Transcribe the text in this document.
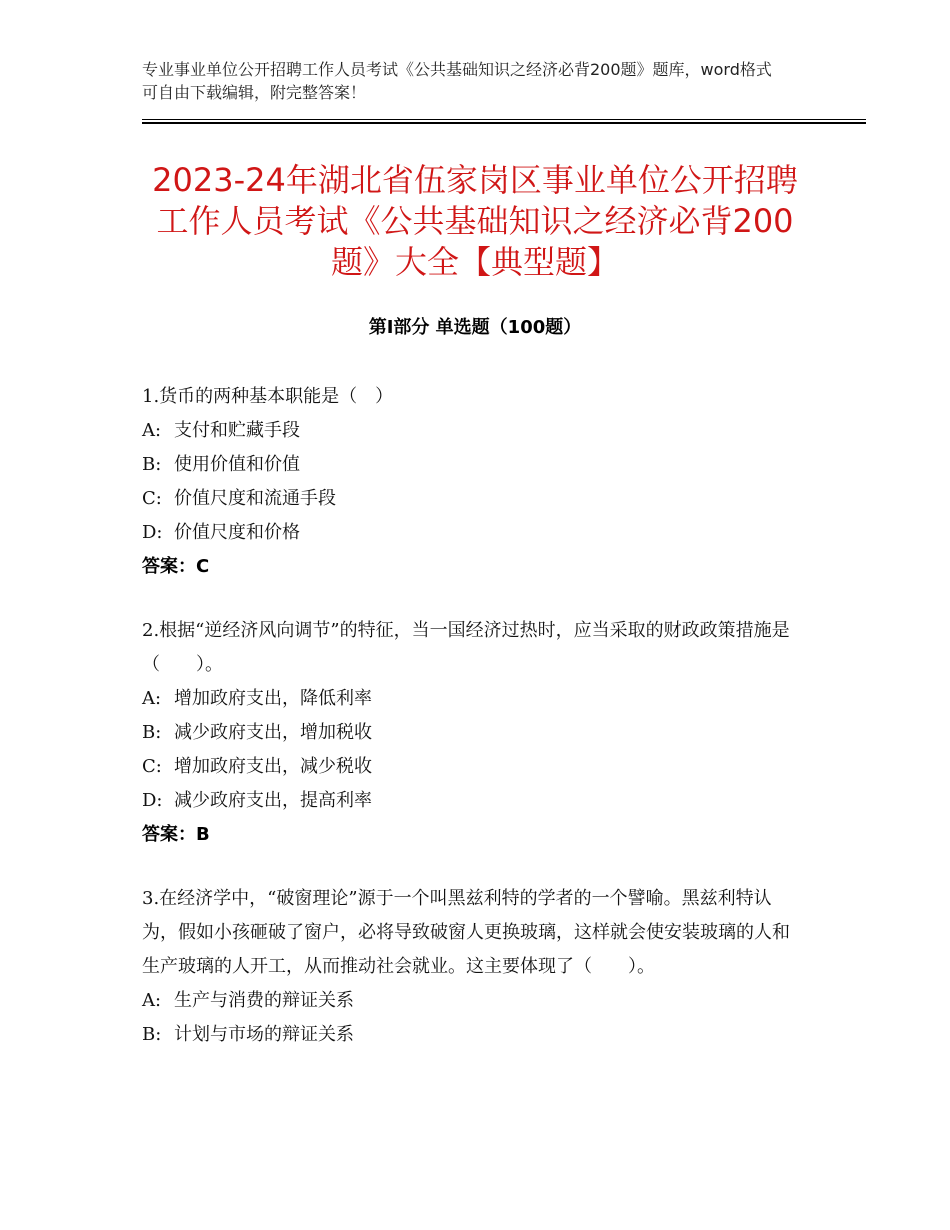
专业事业单位公开招聘工作人员考试《公共基础知识之经济必背200题》题库，word格式可自由下载编辑，附完整答案！
2023-24年湖北省伍家岗区事业单位公开招聘工作人员考试《公共基础知识之经济必背200题》大全【典型题】
第Ⅰ部分 单选题（100题）
1.货币的两种基本职能是（　）
A: 支付和贮藏手段
B: 使用价值和价值
C: 价值尺度和流通手段
D: 价值尺度和价格
答案：C
2.根据“逆经济风向调节”的特征，当一国经济过热时，应当采取的财政政策措施是（　　）。
A: 增加政府支出，降低利率
B: 减少政府支出，增加税收
C: 增加政府支出，减少税收
D: 减少政府支出，提高利率
答案：B
3.在经济学中，“破窗理论”源于一个叫黑兹利特的学者的一个譬喻。黑兹利特认为，假如小孩砸破了窗户，必将导致破窗人更换玻璃，这样就会使安装玻璃的人和生产玻璃的人开工，从而推动社会就业。这主要体现了（　　）。
A: 生产与消费的辩证关系
B: 计划与市场的辩证关系
